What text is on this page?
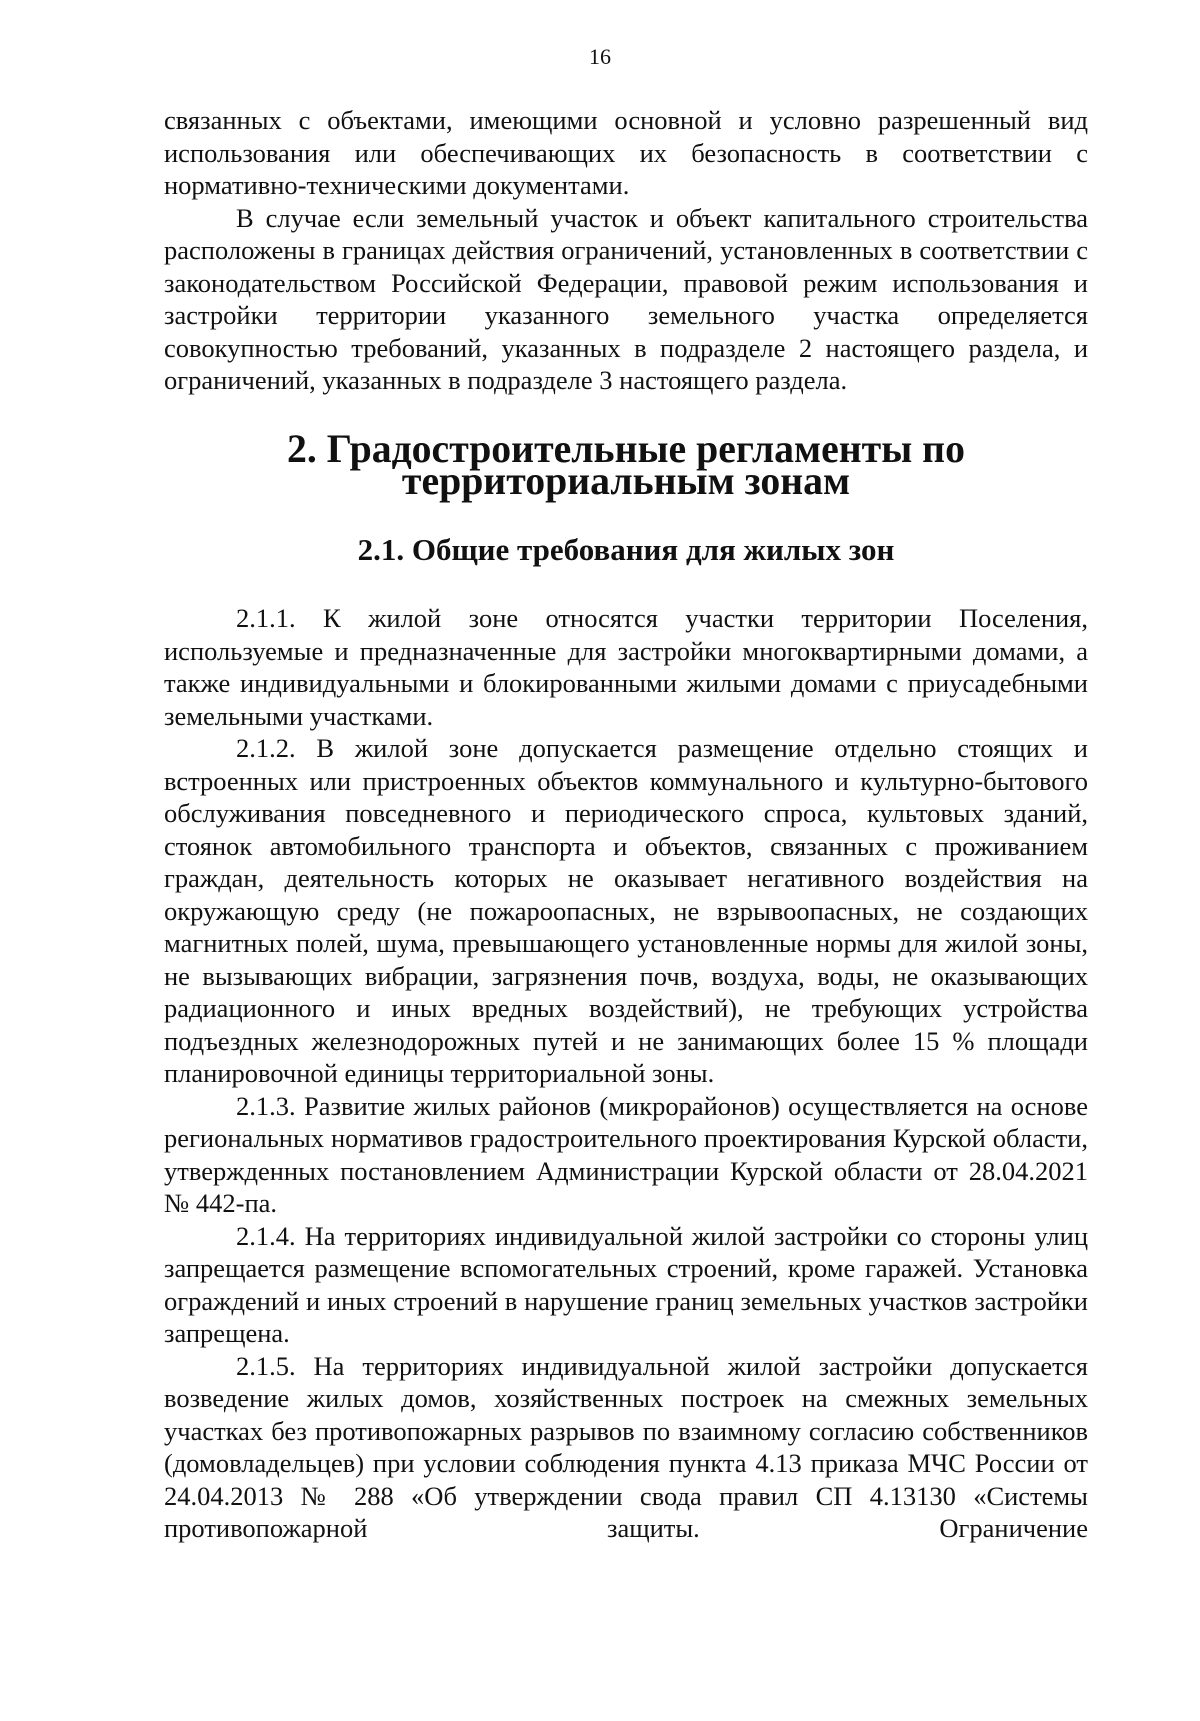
16

связанных с объектами, имеющими основной и условно разрешенный вид использования или обеспечивающих их безопасность в соответствии с нормативно-техническими документами.

В случае если земельный участок и объект капитального строительства расположены в границах действия ограничений, установленных в соответствии с законодательством Российской Федерации, правовой режим использования и застройки территории указанного земельного участка определяется совокупностью требований, указанных в подразделе 2 настоящего раздела, и ограничений, указанных в подразделе 3 настоящего раздела.

2. Градостроительные регламенты по территориальным зонам
2.1. Общие требования для жилых зон

2.1.1. К жилой зоне относятся участки территории Поселения, используемые и предназначенные для застройки многоквартирными домами, а также индивидуальными и блокированными жилыми домами с приусадебными земельными участками.

2.1.2. В жилой зоне допускается размещение отдельно стоящих и встроенных или пристроенных объектов коммунального и культурно-бытового обслуживания повседневного и периодического спроса, культовых зданий, стоянок автомобильного транспорта и объектов, связанных с проживанием граждан, деятельность которых не оказывает негативного воздействия на окружающую среду (не пожароопасных, не взрывоопасных, не создающих магнитных полей, шума, превышающего установленные нормы для жилой зоны, не вызывающих вибрации, загрязнения почв, воздуха, воды, не оказывающих радиационного и иных вредных воздействий), не требующих устройства подъездных железнодорожных путей и не занимающих более 15 % площади планировочной единицы территориальной зоны.

2.1.3. Развитие жилых районов (микрорайонов) осуществляется на основе региональных нормативов градостроительного проектирования Курской области, утвержденных постановлением Администрации Курской области от 28.04.2021 № 442-па.

2.1.4. На территориях индивидуальной жилой застройки со стороны улиц запрещается размещение вспомогательных строений, кроме гаражей. Установка ограждений и иных строений в нарушение границ земельных участков застройки запрещена.

2.1.5. На территориях индивидуальной жилой застройки допускается возведение жилых домов, хозяйственных построек на смежных земельных участках без противопожарных разрывов по взаимному согласию собственников (домовладельцев) при условии соблюдения пункта 4.13 приказа МЧС России от 24.04.2013 № 288 «Об утверждении свода правил СП 4.13130 «Системы противопожарной защиты. Ограничение
